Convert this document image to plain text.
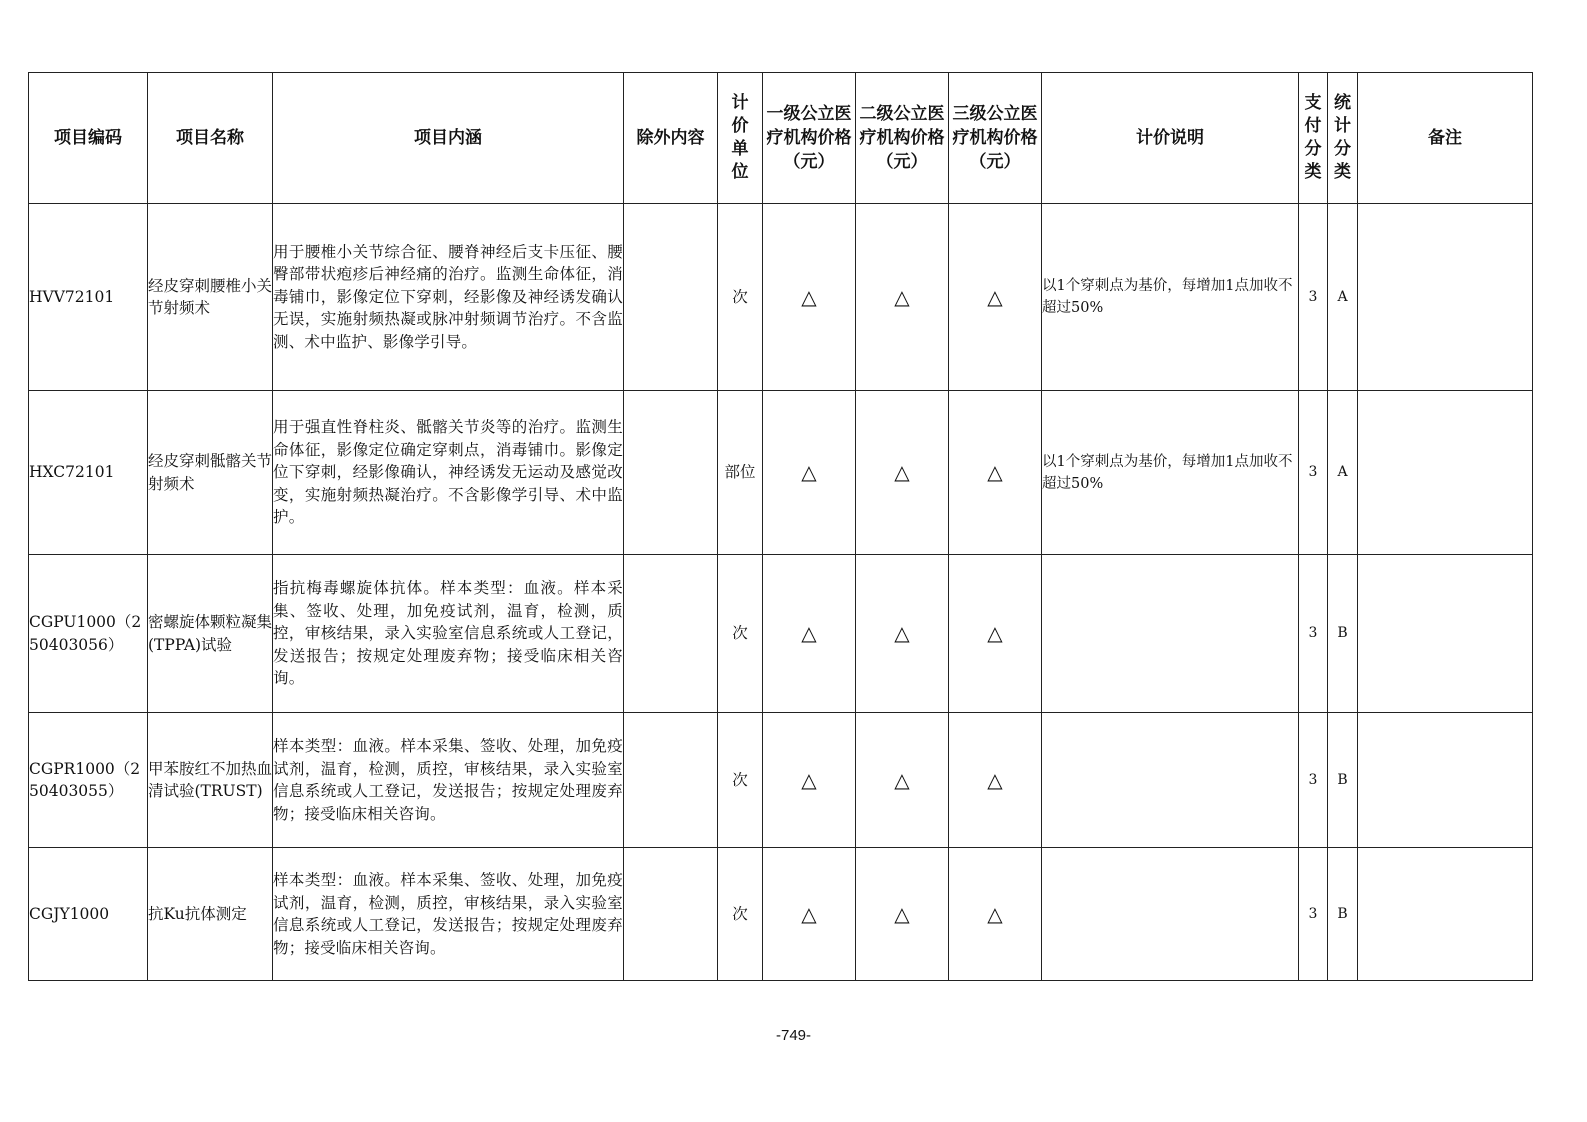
项目编码	项目名称	项目内涵	除外内容	计价单位	一级公立医疗机构价格（元）	二级公立医疗机构价格（元）	三级公立医疗机构价格（元）	计价说明	支付分类	统计分类	备注
HVV72101	经皮穿刺腰椎小关节射频术	用于腰椎小关节综合征、腰脊神经后支卡压征、腰臀部带状疱疹后神经痛的治疗。监测生命体征，消毒铺巾，影像定位下穿刺，经影像及神经诱发确认无误，实施射频热凝或脉冲射频调节治疗。不含监测、术中监护、影像学引导。		次	△	△	△	以1个穿刺点为基价，每增加1点加收不超过50%	3	A	
HXC72101	经皮穿刺骶髂关节射频术	用于强直性脊柱炎、骶髂关节炎等的治疗。监测生命体征，影像定位确定穿刺点，消毒铺巾。影像定位下穿刺，经影像确认，神经诱发无运动及感觉改变，实施射频热凝治疗。不含影像学引导、术中监护。		部位	△	△	△	以1个穿刺点为基价，每增加1点加收不超过50%	3	A	
CGPU1000（250403056）	密螺旋体颗粒凝集(TPPA)试验	指抗梅毒螺旋体抗体。样本类型：血液。样本采集、签收、处理，加免疫试剂，温育，检测，质控，审核结果，录入实验室信息系统或人工登记，发送报告；按规定处理废弃物；接受临床相关咨询。		次	△	△	△		3	B	
CGPR1000（250403055）	甲苯胺红不加热血清试验(TRUST)	样本类型：血液。样本采集、签收、处理，加免疫试剂，温育，检测，质控，审核结果，录入实验室信息系统或人工登记，发送报告；按规定处理废弃物；接受临床相关咨询。		次	△	△	△		3	B	
CGJY1000	抗Ku抗体测定	样本类型：血液。样本采集、签收、处理，加免疫试剂，温育，检测，质控，审核结果，录入实验室信息系统或人工登记，发送报告；按规定处理废弃物；接受临床相关咨询。		次	△	△	△		3	B	
-749-
